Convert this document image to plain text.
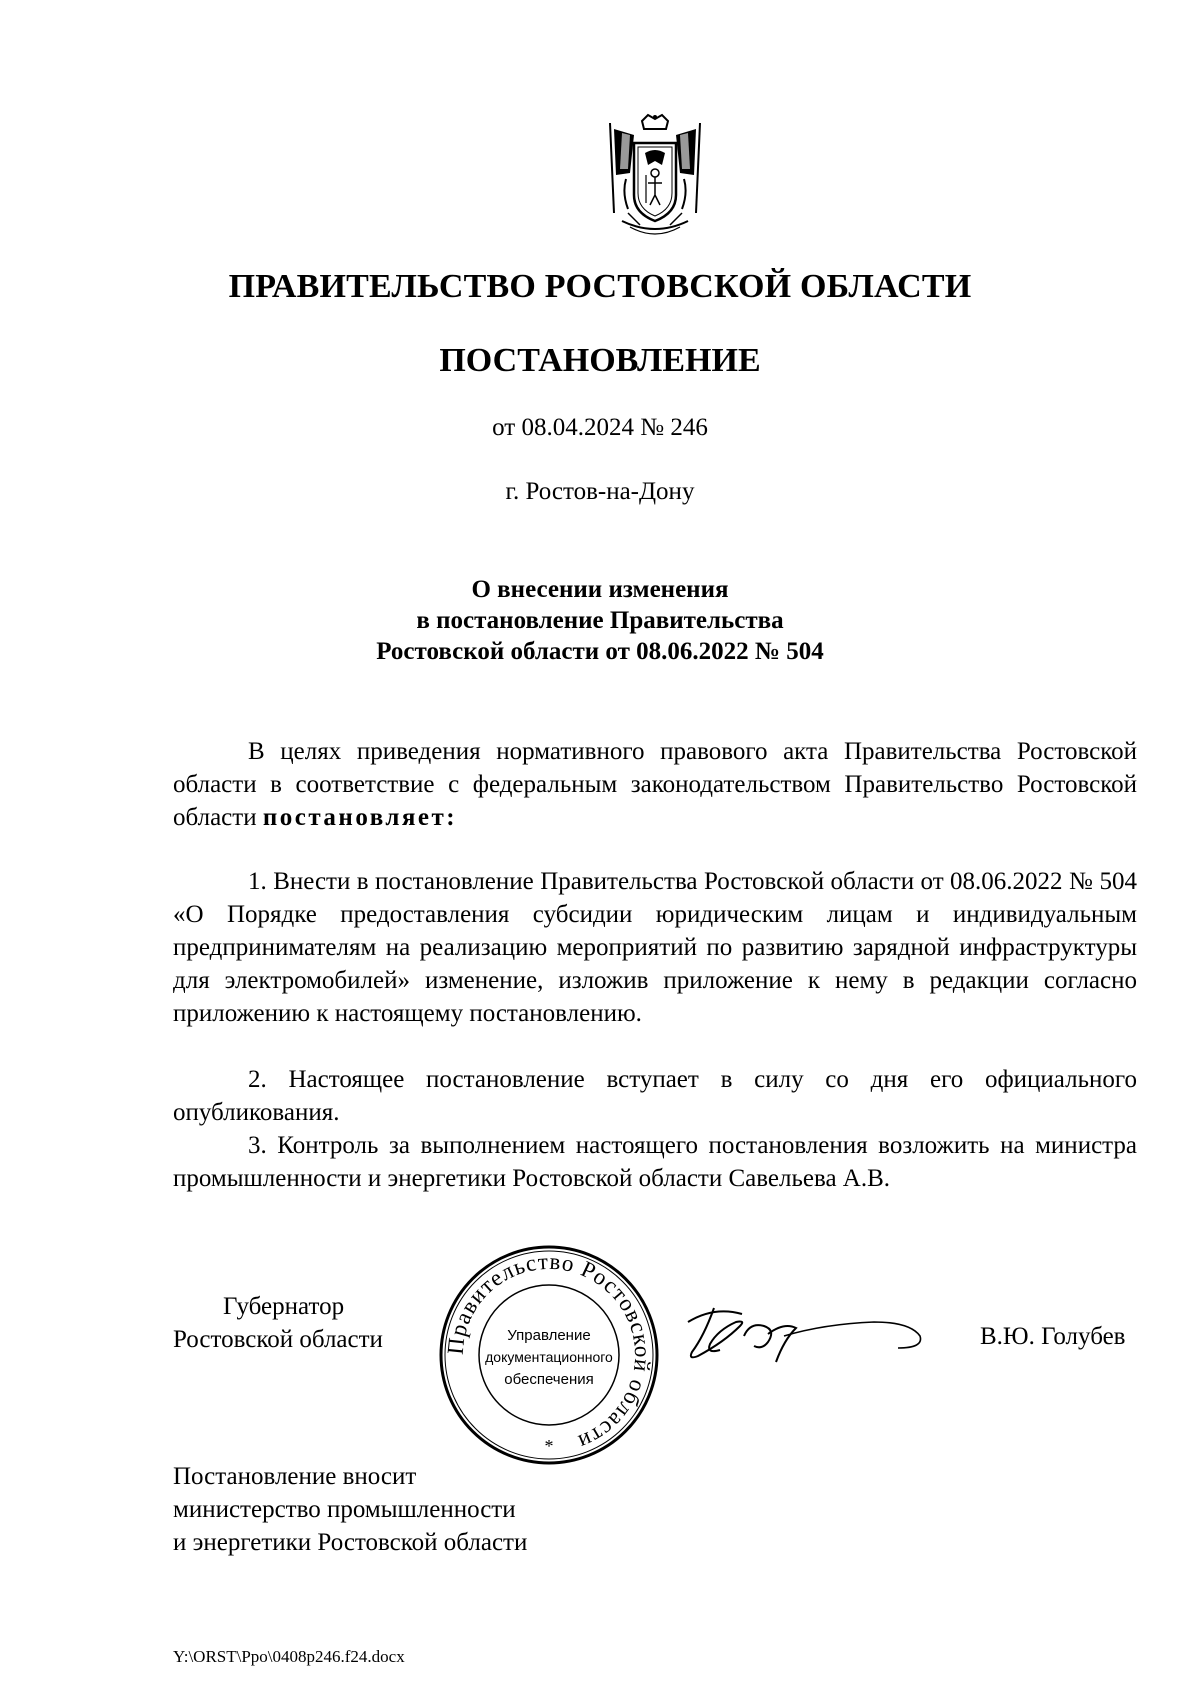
ПРАВИТЕЛЬСТВО РОСТОВСКОЙ ОБЛАСТИ
ПОСТАНОВЛЕНИЕ
от 08.04.2024 № 246
г. Ростов-на-Дону
О внесении изменения
в постановление Правительства
Ростовской области от 08.06.2022 № 504

В целях приведения нормативного правового акта Правительства Ростовской области в соответствие с федеральным законодательством Правительство Ростовской области постановляет:

1. Внести в постановление Правительства Ростовской области от 08.06.2022 № 504 «О Порядке предоставления субсидии юридическим лицам и индивидуальным предпринимателям на реализацию мероприятий по развитию зарядной инфраструктуры для электромобилей» изменение, изложив приложение к нему в редакции согласно приложению к настоящему постановлению.

2. Настоящее постановление вступает в силу со дня его официального опубликования.

3. Контроль за выполнением настоящего постановления возложить на министра промышленности и энергетики Ростовской области Савельева А.В.

Губернатор
Ростовской области	Правительство Ростовской области
Управление
документационного
обеспечения
*
В.Ю. Голубев
Постановление вносит
министерство промышленности
и энергетики Ростовской области
Y:\ORST\Ppo\0408p246.f24.docx
